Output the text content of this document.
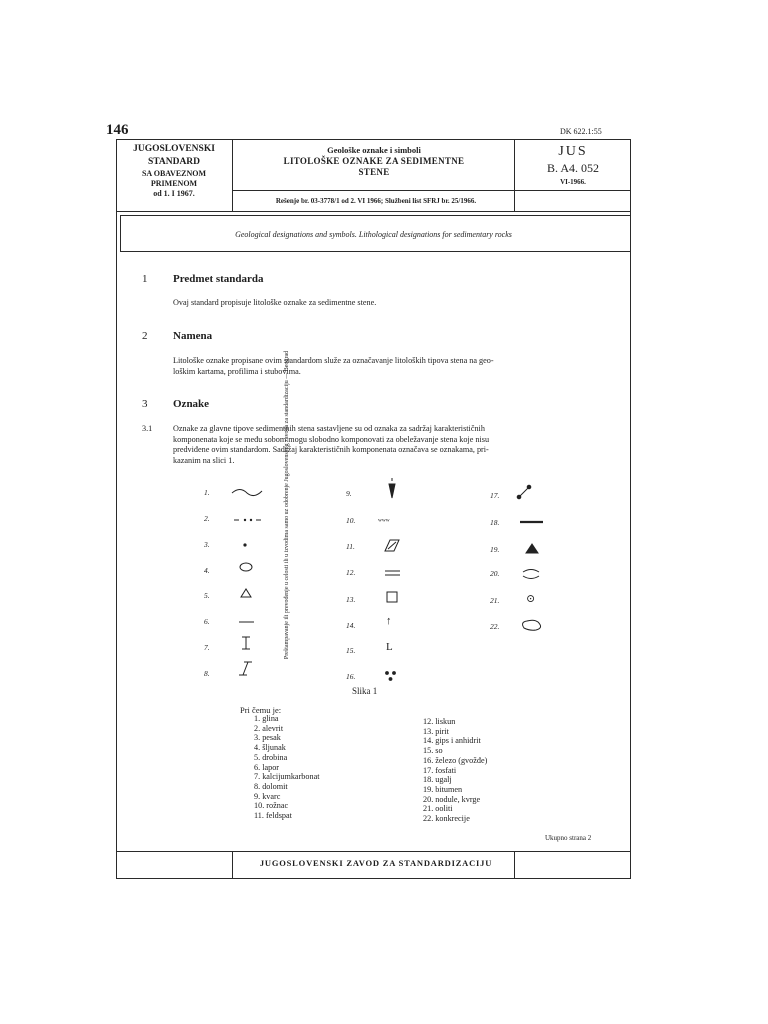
146	DK 622.1:55
JUGOSLOVENSKI
STANDARD
SA OBAVEZNOM
PRIMENOM
od 1. I 1967.
Geološke oznake i simboli
LITOLOŠKE OZNAKE ZA SEDIMENTNE
STENE
JUS
B. A4. 052
VI-1966.
Rešenje br. 03-3778/1 od 2. VI 1966; Službeni list SFRJ br. 25/1966.
Geological designations and symbols. Lithological designations for sedimentary rocks
Preštampavanje ili prevođenje u celosti ili u izvodima samo uz odobrenje Jugoslovenskog zavoda za standardizaciju — Beograd
1 Predmet standarda
Ovaj standard propisuje litološke oznake za sedimentne stene.
2 Namena
Litološke oznake propisane ovim standardom služe za označavanje litoloških tipova stena na geo-
loškim kartama, profilima i stubovima.
3 Oznake
3.1	Oznake za glavne tipove sedimentnih stena sastavljene su od oznaka za sadržaj karakterističnih
komponenata koje se među sobom mogu slobodno komponovati za obeležavanje stena koje nisu
predviđene ovim standardom. Sadržaj karakterističnih komponenata označava se oznakama, pri-
kazanim na slici 1.
1.
2.
3.
4.
5.
6.
7.
8.
9.
10.
11.
12.
13.
14.
15.
16.
17.
18.
19.
20.
21.
22.
ʷʷʷ
↑
L
⊙
Slika 1
Pri čemu je:
1. glina
2. alevrit
3. pesak
4. šljunak
5. drobina
6. lapor
7. kalcijumkarbonat
8. dolomit
9. kvarc
10. rožnac
11. feldspat
12. liskun
13. pirit
14. gips i anhidrit
15. so
16. železo (gvožđe)
17. fosfati
18. ugalj
19. bitumen
20. nodule, kvrge
21. ooliti
22. konkrecije
Ukupno strana 2
JUGOSLOVENSKI ZAVOD ZA STANDARDIZACIJU
